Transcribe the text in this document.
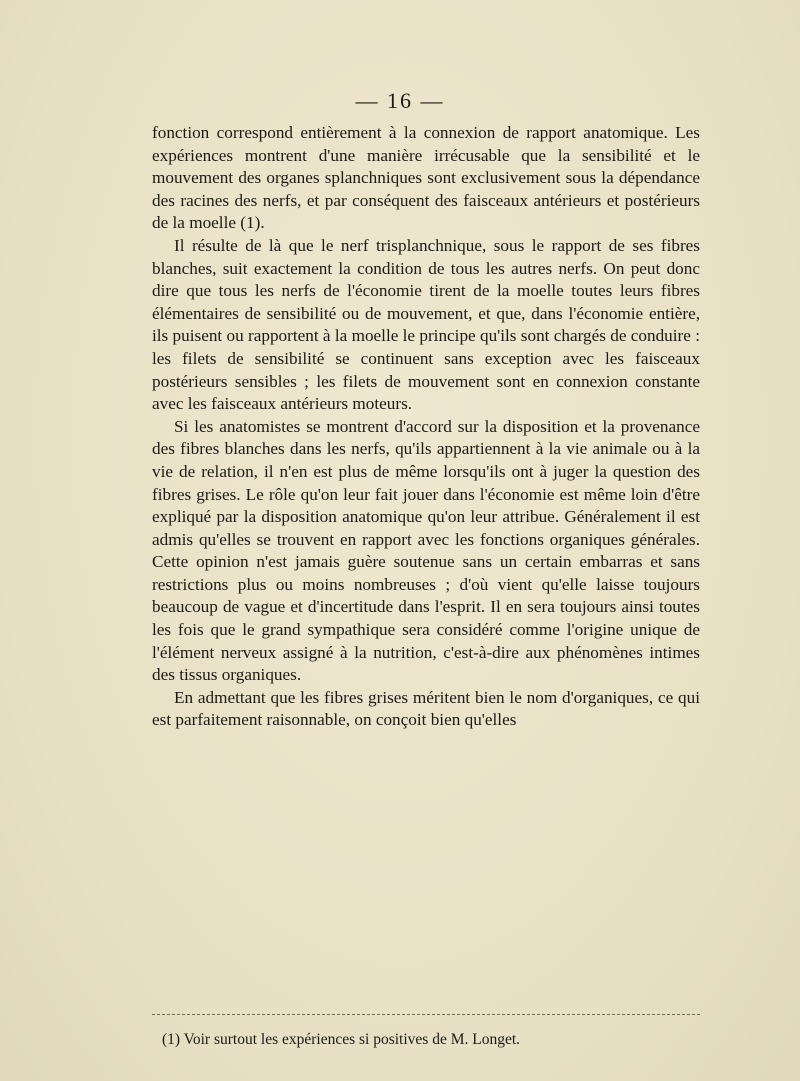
— 16 —

fonction correspond entièrement à la connexion de rapport anatomique. Les expériences montrent d'une manière irrécusable que la sensibilité et le mouvement des organes splanchniques sont exclusivement sous la dépendance des racines des nerfs, et par conséquent des faisceaux antérieurs et postérieurs de la moelle (1).

Il résulte de là que le nerf trisplanchnique, sous le rapport de ses fibres blanches, suit exactement la condition de tous les autres nerfs. On peut donc dire que tous les nerfs de l'économie tirent de la moelle toutes leurs fibres élémentaires de sensibilité ou de mouvement, et que, dans l'économie entière, ils puisent ou rapportent à la moelle le principe qu'ils sont chargés de conduire : les filets de sensibilité se continuent sans exception avec les faisceaux postérieurs sensibles ; les filets de mouvement sont en connexion constante avec les faisceaux antérieurs moteurs.

Si les anatomistes se montrent d'accord sur la disposition et la provenance des fibres blanches dans les nerfs, qu'ils appartiennent à la vie animale ou à la vie de relation, il n'en est plus de même lorsqu'ils ont à juger la question des fibres grises. Le rôle qu'on leur fait jouer dans l'économie est même loin d'être expliqué par la disposition anatomique qu'on leur attribue. Généralement il est admis qu'elles se trouvent en rapport avec les fonctions organiques générales. Cette opinion n'est jamais guère soutenue sans un certain embarras et sans restrictions plus ou moins nombreuses ; d'où vient qu'elle laisse toujours beaucoup de vague et d'incertitude dans l'esprit. Il en sera toujours ainsi toutes les fois que le grand sympathique sera considéré comme l'origine unique de l'élément nerveux assigné à la nutrition, c'est-à-dire aux phénomènes intimes des tissus organiques.

En admettant que les fibres grises méritent bien le nom d'organiques, ce qui est parfaitement raisonnable, on conçoit bien qu'elles

(1) Voir surtout les expériences si positives de M. Longet.
